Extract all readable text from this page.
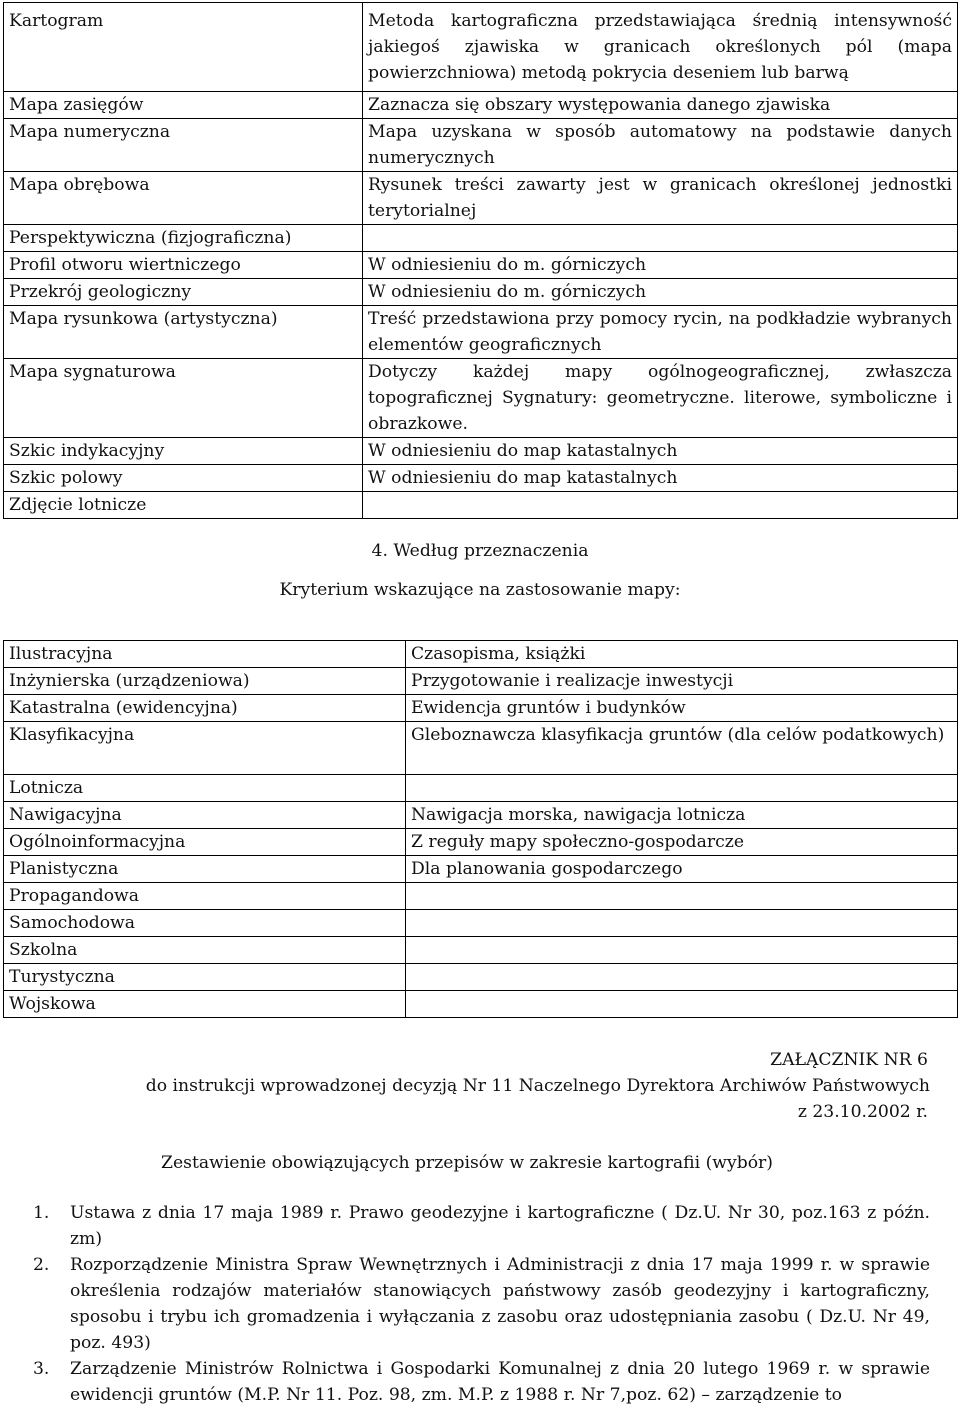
Kartogram	Metoda kartograficzna przedstawiająca średnią intensywność jakiegoś zjawiska w granicach określonych pól (mapa powierzchniowa) metodą pokrycia deseniem lub barwą
Mapa zasięgów	Zaznacza się obszary występowania danego zjawiska
Mapa numeryczna	Mapa uzyskana w sposób automatowy na podstawie danych numerycznych
Mapa obrębowa	Rysunek treści zawarty jest w granicach określonej jednostki terytorialnej
Perspektywiczna (fizjograficzna)	
Profil otworu wiertniczego	W odniesieniu do m. górniczych
Przekrój geologiczny	W odniesieniu do m. górniczych
Mapa rysunkowa (artystyczna)	Treść przedstawiona przy pomocy rycin, na podkładzie wybranych elementów geograficznych
Mapa sygnaturowa	Dotyczy każdej mapy ogólnogeograficznej, zwłaszcza topograficznej Sygnatury: geometryczne. literowe, symboliczne i obrazkowe.
Szkic indykacyjny	W odniesieniu do map katastalnych
Szkic polowy	W odniesieniu do map katastalnych
Zdjęcie lotnicze	
4. Według przeznaczenia
Kryterium wskazujące na zastosowanie mapy:
Ilustracyjna	Czasopisma, książki
Inżynierska (urządzeniowa)	Przygotowanie i realizacje inwestycji
Katastralna (ewidencyjna)	Ewidencja gruntów i budynków
Klasyfikacyjna	Gleboznawcza klasyfikacja gruntów (dla celów podatkowych)
Lotnicza	
Nawigacyjna	Nawigacja morska, nawigacja lotnicza
Ogólnoinformacyjna	Z reguły mapy społeczno-gospodarcze
Planistyczna	Dla planowania gospodarczego
Propagandowa	
Samochodowa	
Szkolna	
Turystyczna	
Wojskowa	
ZAŁĄCZNIK NR 6
do instrukcji wprowadzonej decyzją Nr 11 Naczelnego Dyrektora Archiwów Państwowych
z 23.10.2002 r.
Zestawienie obowiązujących przepisów w zakresie kartografii (wybór)
1. Ustawa z dnia 17 maja 1989 r. Prawo geodezyjne i kartograficzne ( Dz.U. Nr 30, poz.163 z późn. zm)
2. Rozporządzenie Ministra Spraw Wewnętrznych i Administracji z dnia 17 maja 1999 r. w sprawie określenia rodzajów materiałów stanowiących państwowy zasób geodezyjny i kartograficzny, sposobu i trybu ich gromadzenia i wyłączania z zasobu oraz udostępniania zasobu ( Dz.U. Nr 49, poz. 493)
3. Zarządzenie Ministrów Rolnictwa i Gospodarki Komunalnej z dnia 20 lutego 1969 r. w sprawie ewidencji gruntów (M.P. Nr 11. Poz. 98, zm. M.P. z 1988 r. Nr 7,poz. 62) – zarządzenie to
